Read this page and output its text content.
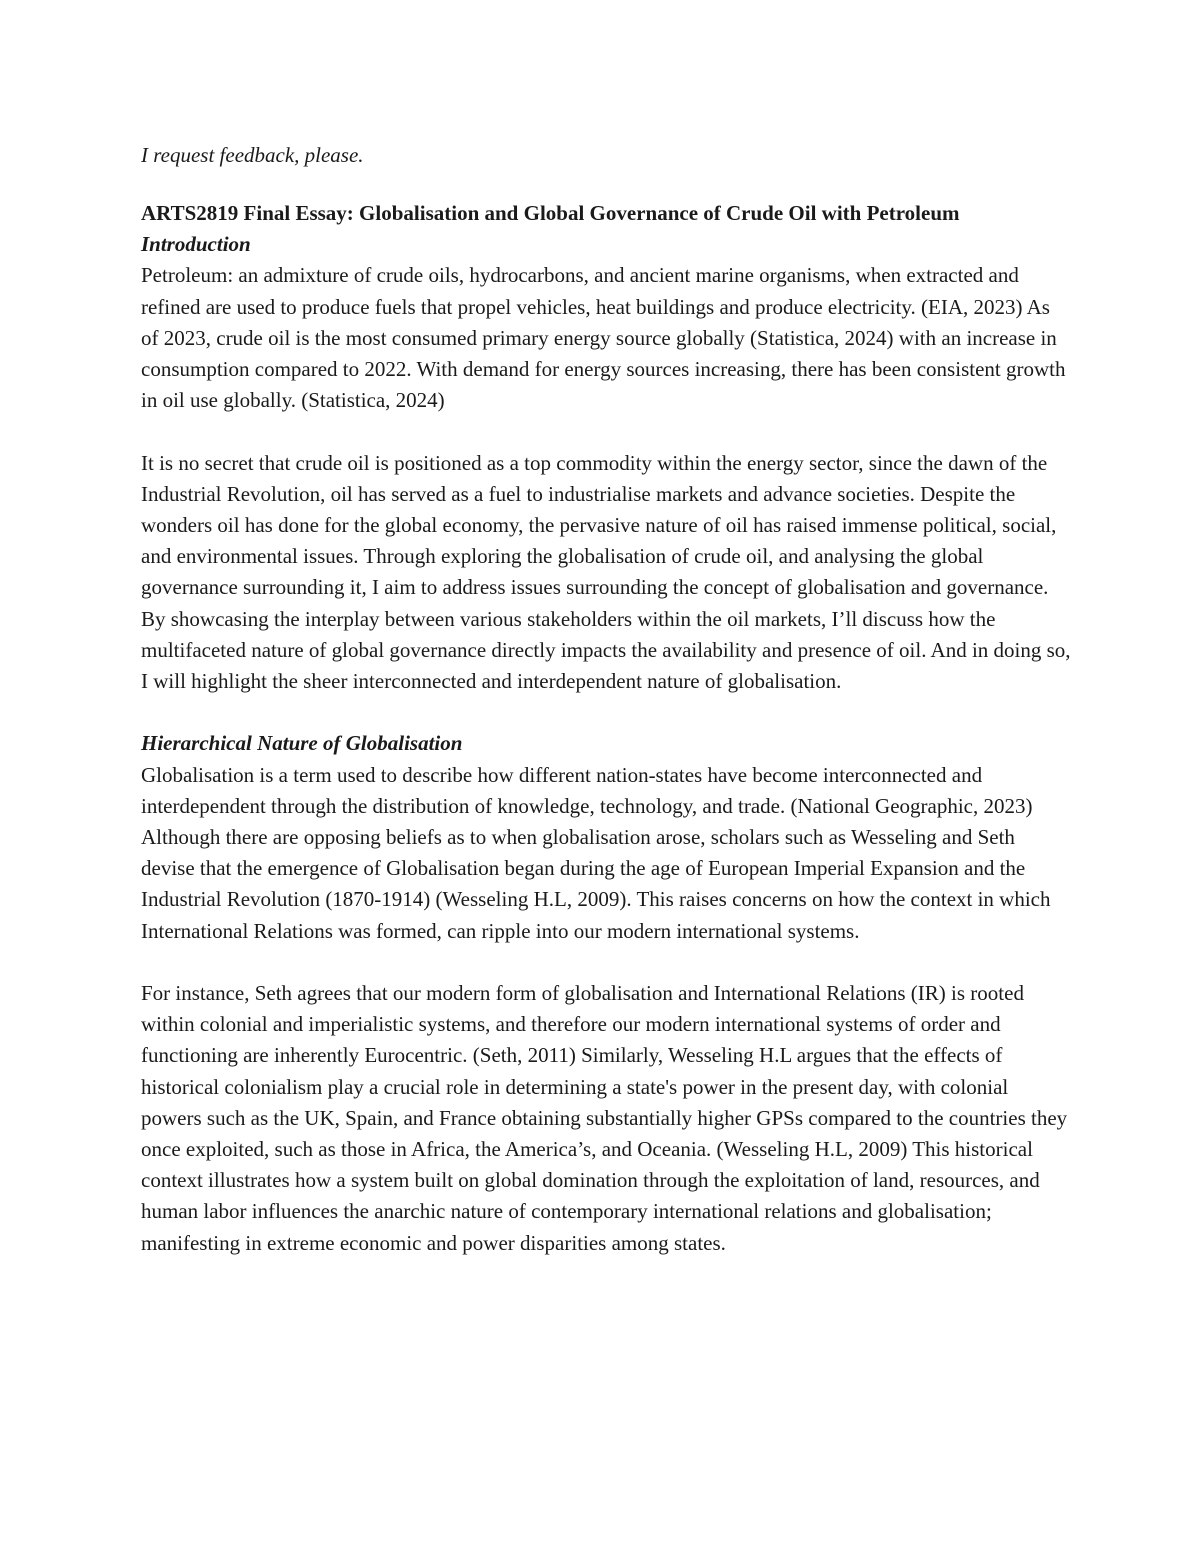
I request feedback, please.

ARTS2819 Final Essay: Globalisation and Global Governance of Crude Oil with Petroleum

Introduction

Petroleum: an admixture of crude oils, hydrocarbons, and ancient marine organisms, when extracted and refined are used to produce fuels that propel vehicles, heat buildings and produce electricity. (EIA, 2023) As of 2023, crude oil is the most consumed primary energy source globally (Statistica, 2024) with an increase in consumption compared to 2022. With demand for energy sources increasing, there has been consistent growth in oil use globally. (Statistica, 2024)

It is no secret that crude oil is positioned as a top commodity within the energy sector, since the dawn of the Industrial Revolution, oil has served as a fuel to industrialise markets and advance societies. Despite the wonders oil has done for the global economy, the pervasive nature of oil has raised immense political, social, and environmental issues. Through exploring the globalisation of crude oil, and analysing the global governance surrounding it, I aim to address issues surrounding the concept of globalisation and governance. By showcasing the interplay between various stakeholders within the oil markets, I’ll discuss how the multifaceted nature of global governance directly impacts the availability and presence of oil. And in doing so, I will highlight the sheer interconnected and interdependent nature of globalisation.

Hierarchical Nature of Globalisation

Globalisation is a term used to describe how different nation-states have become interconnected and interdependent through the distribution of knowledge, technology, and trade. (National Geographic, 2023) Although there are opposing beliefs as to when globalisation arose, scholars such as Wesseling and Seth devise that the emergence of Globalisation began during the age of European Imperial Expansion and the Industrial Revolution (1870-1914) (Wesseling H.L, 2009). This raises concerns on how the context in which International Relations was formed, can ripple into our modern international systems.

For instance, Seth agrees that our modern form of globalisation and International Relations (IR) is rooted within colonial and imperialistic systems, and therefore our modern international systems of order and functioning are inherently Eurocentric. (Seth, 2011) Similarly, Wesseling H.L argues that the effects of historical colonialism play a crucial role in determining a state's power in the present day, with colonial powers such as the UK, Spain, and France obtaining substantially higher GPSs compared to the countries they once exploited, such as those in Africa, the America’s, and Oceania. (Wesseling H.L, 2009) This historical context illustrates how a system built on global domination through the exploitation of land, resources, and human labor influences the anarchic nature of contemporary international relations and globalisation; manifesting in extreme economic and power disparities among states.
